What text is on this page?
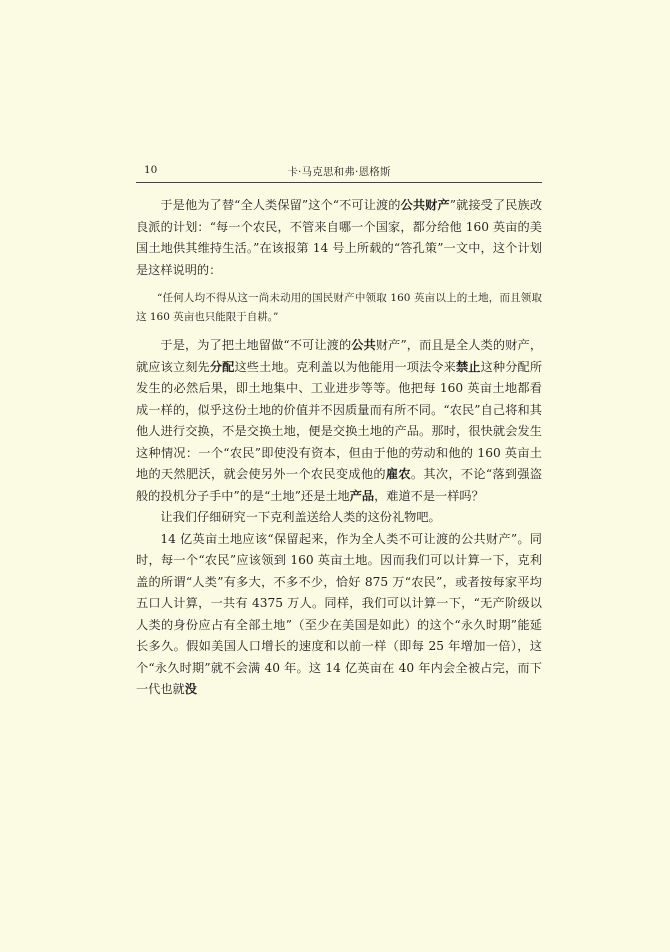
10	卡·马克思和弗·恩格斯

于是他为了替“全人类保留”这个“不可让渡的公共财产”就接受了民族改良派的计划：“每一个农民，不管来自哪一个国家，都分给他 160 英亩的美国土地供其维持生活。”在该报第 14 号上所载的“答孔策”一文中，这个计划是这样说明的：

“任何人均不得从这一尚未动用的国民财产中领取 160 英亩以上的土地，而且领取这 160 英亩也只能限于自耕。”

于是，为了把土地留做“不可让渡的公共财产”，而且是全人类的财产，就应该立刻先分配这些土地。克利盖以为他能用一项法令来禁止这种分配所发生的必然后果，即土地集中、工业进步等等。他把每 160 英亩土地都看成一样的，似乎这份土地的价值并不因质量而有所不同。“农民”自己将和其他人进行交换，不是交换土地，便是交换土地的产品。那时，很快就会发生这种情况：一个“农民”即使没有资本，但由于他的劳动和他的 160 英亩土地的天然肥沃，就会使另外一个农民变成他的雇农。其次，不论“落到强盗般的投机分子手中”的是“土地”还是土地产品，难道不是一样吗？

让我们仔细研究一下克利盖送给人类的这份礼物吧。

14 亿英亩土地应该“保留起来，作为全人类不可让渡的公共财产”。同时，每一个“农民”应该领到 160 英亩土地。因而我们可以计算一下，克利盖的所谓“人类”有多大，不多不少，恰好 875 万“农民”，或者按每家平均五口人计算，一共有 4375 万人。同样，我们可以计算一下，“无产阶级以人类的身份应占有全部土地”（至少在美国是如此）的这个“永久时期”能延长多久。假如美国人口增长的速度和以前一样（即每 25 年增加一倍），这个“永久时期”就不会满 40 年。这 14 亿英亩在 40 年内会全被占完，而下一代也就没
